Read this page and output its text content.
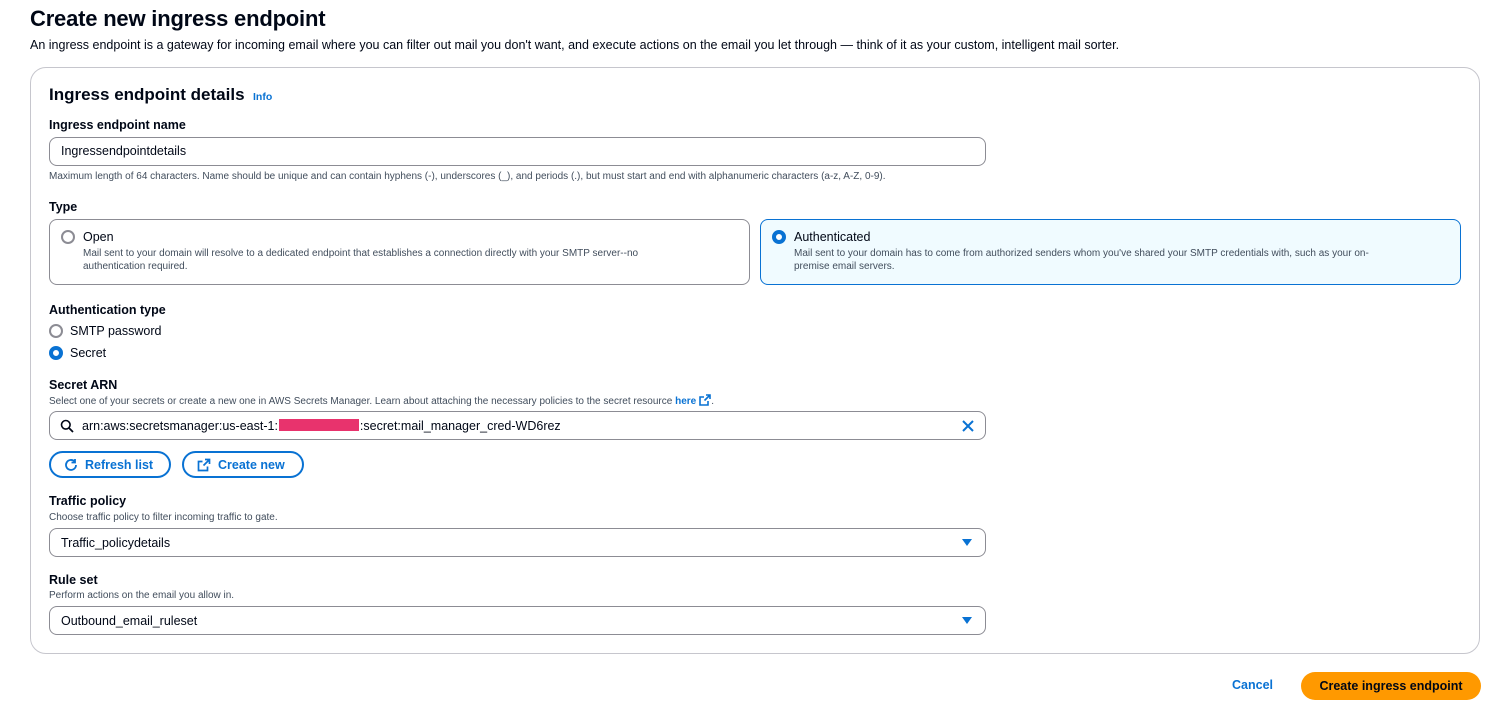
Create new ingress endpoint

An ingress endpoint is a gateway for incoming email where you can filter out mail you don't want, and execute actions on the email you let through — think of it as your custom, intelligent mail sorter.

Ingress endpoint details Info
Ingress endpoint name
Ingressendpointdetails
Maximum length of 64 characters. Name should be unique and can contain hyphens (-), underscores (_), and periods (.), but must start and end with alphanumeric characters (a-z, A-Z, 0-9).
Type
Open
Mail sent to your domain will resolve to a dedicated endpoint that establishes a connection directly with your SMTP server--no
authentication required.
Authenticated
Mail sent to your domain has to come from authorized senders whom you've shared your SMTP credentials with, such as your on-
premise email servers.
Authentication type
SMTP password
Secret
Secret ARN
Select one of your secrets or create a new one in AWS Secrets Manager. Learn about attaching the necessary policies to the secret resource here .
arn:aws:secretsmanager:us-east-1:	:secret:mail_manager_cred-WD6rez
Refresh list	Create new
Traffic policy
Choose traffic policy to filter incoming traffic to gate.
Traffic_policydetails
Rule set
Perform actions on the email you allow in.
Outbound_email_ruleset
Cancel	Create ingress endpoint
